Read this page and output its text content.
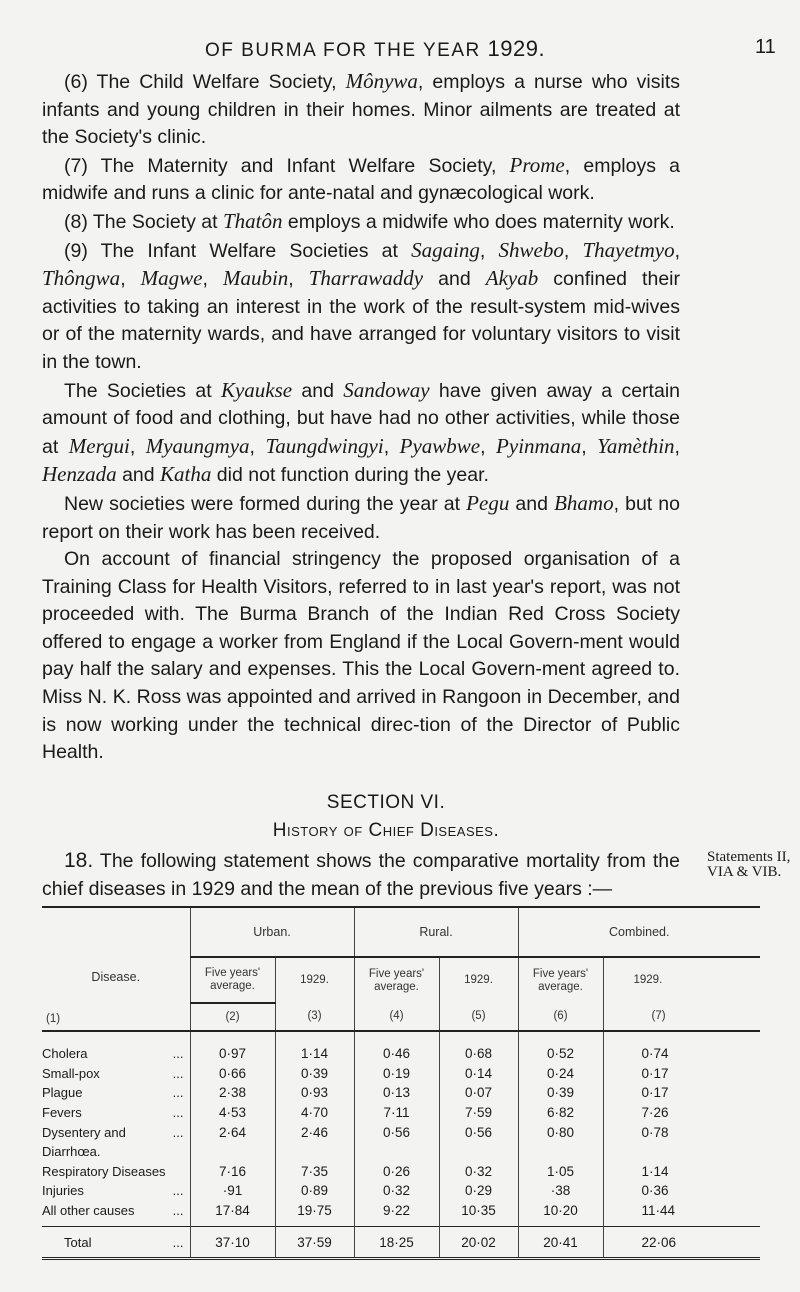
OF BURMA FOR THE YEAR 1929.	11

(6) The Child Welfare Society, Mônywa, employs a nurse who visits infants and young children in their homes. Minor ailments are treated at the Society's clinic.

(7) The Maternity and Infant Welfare Society, Prome, employs a midwife and runs a clinic for ante-natal and gynæcological work.

(8) The Society at Thatôn employs a midwife who does maternity work.

(9) The Infant Welfare Societies at Sagaing, Shwebo, Thayetmyo, Thôngwa, Magwe, Maubin, Tharrawaddy and Akyab confined their activities to taking an interest in the work of the result-system mid-wives or of the maternity wards, and have arranged for voluntary visitors to visit in the town.

The Societies at Kyaukse and Sandoway have given away a certain amount of food and clothing, but have had no other activities, while those at Mergui, Myaungmya, Taungdwingyi, Pyawbwe, Pyinmana, Yamèthin, Henzada and Katha did not function during the year.

New societies were formed during the year at Pegu and Bhamo, but no report on their work has been received.

On account of financial stringency the proposed organisation of a Training Class for Health Visitors, referred to in last year's report, was not proceeded with. The Burma Branch of the Indian Red Cross Society offered to engage a worker from England if the Local Govern-ment would pay half the salary and expenses. This the Local Govern-ment agreed to. Miss N. K. Ross was appointed and arrived in Rangoon in December, and is now working under the technical direc-tion of the Director of Public Health.

SECTION VI.
History of Chief Diseases.

18. The following statement shows the comparative mortality from the chief diseases in 1929 and the mean of the previous five years :—

Statements II, VIA & VIB.
Disease.
(1)	Urban.		Rural.		Combined.	
	Five years' average.	1929.	Five years' average.	1929.	Five years' average.	1929.
	(2)	(3)	(4)	(5)	(6)	(7)

Cholera ...	0·97	1·14	0·46	0·68	0·52	0·74
Small-pox ...	0·66	0·39	0·19	0·14	0·24	0·17
Plague ...	2·38	0·93	0·13	0·07	0·39	0·17
Fevers ...	4·53	4·70	7·11	7·59	6·82	7·26
Dysentery and ...	2·64	2·46	0·56	0·56	0·80	0·78
Diarrhœa.						
Respiratory Diseases	7·16	7·35	0·26	0·32	1·05	1·14
Injuries ...	·91	0·89	0·32	0·29	·38	0·36
All other causes ...	17·84	19·75	9·22	10·35	10·20	11·44

Total ...	37·10	37·59	18·25	20·02	20·41	22·06
